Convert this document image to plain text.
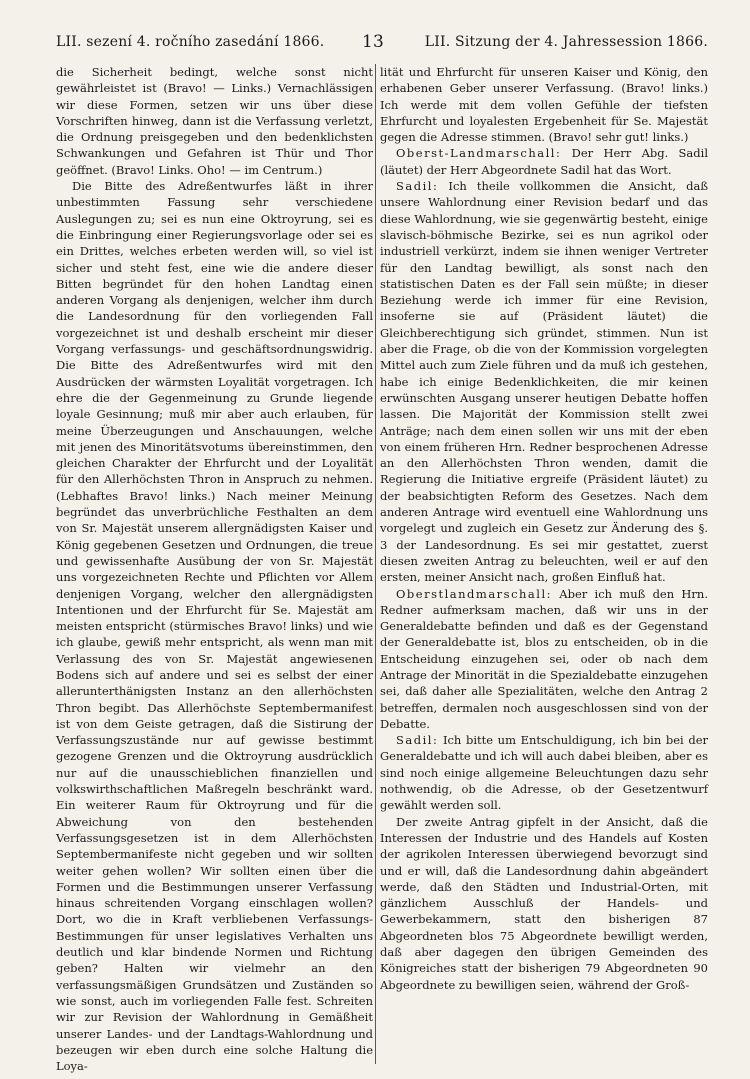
LII. sezení 4. ročního zasedání 1866. 13	LII. Sitzung der 4. Jahressession 1866.

die Sicherheit bedingt, welche sonst nicht gewährleistet ist (Bravo! — Links.) Vernachlässigen wir diese Formen, setzen wir uns über diese Vorschriften hinweg, dann ist die Verfassung verletzt, die Ordnung preisgegeben und den bedenklichsten Schwankungen und Gefahren ist Thür und Thor geöffnet. (Bravo! Links. Oho! — im Centrum.)

Die Bitte des Adreßentwurfes läßt in ihrer unbestimmten Fassung sehr verschiedene Auslegungen zu; sei es nun eine Oktroyrung, sei es die Einbringung einer Regierungsvorlage oder sei es ein Drittes, welches erbeten werden will, so viel ist sicher und steht fest, eine wie die andere dieser Bitten begründet für den hohen Landtag einen anderen Vorgang als denjenigen, welcher ihm durch die Landesordnung für den vorliegenden Fall vorgezeichnet ist und deshalb erscheint mir dieser Vorgang verfassungs- und geschäftsordnungswidrig. Die Bitte des Adreßentwurfes wird mit den Ausdrücken der wärmsten Loyalität vorgetragen. Ich ehre die der Gegenmeinung zu Grunde liegende loyale Gesinnung; muß mir aber auch erlauben, für meine Überzeugungen und Anschauungen, welche mit jenen des Minoritätsvotums übereinstimmen, den gleichen Charakter der Ehrfurcht und der Loyalität für den Allerhöchsten Thron in Anspruch zu nehmen. (Lebhaftes Bravo! links.) Nach meiner Meinung begründet das unverbrüchliche Festhalten an dem von Sr. Majestät unserem allergnädigsten Kaiser und König gegebenen Gesetzen und Ordnungen, die treue und gewissenhafte Ausübung der von Sr. Majestät uns vorgezeichneten Rechte und Pflichten vor Allem denjenigen Vorgang, welcher den allergnädigsten Intentionen und der Ehrfurcht für Se. Majestät am meisten entspricht (stürmisches Bravo! links) und wie ich glaube, gewiß mehr entspricht, als wenn man mit Verlassung des von Sr. Majestät angewiesenen Bodens sich auf andere und sei es selbst der einer allerunterthänigsten Instanz an den allerhöchsten Thron begibt. Das Allerhöchste Septembermanifest ist von dem Geiste getragen, daß die Sistirung der Verfassungszustände nur auf gewisse bestimmt gezogene Grenzen und die Oktroyrung ausdrücklich nur auf die unausschieblichen finanziellen und volkswirthschaftlichen Maßregeln beschränkt ward. Ein weiterer Raum für Oktroyrung und für die Abweichung von den bestehenden Verfassungsgesetzen ist in dem Allerhöchsten Septembermanifeste nicht gegeben und wir sollten weiter gehen wollen? Wir sollten einen über die Formen und die Bestimmungen unserer Verfassung hinaus schreitenden Vorgang einschlagen wollen? Dort, wo die in Kraft verbliebenen Verfassungs-Bestimmungen für unser legislatives Verhalten uns deutlich und klar bindende Normen und Richtung geben? Halten wir vielmehr an den verfassungsmäßigen Grundsätzen und Zuständen so wie sonst, auch im vorliegenden Falle fest. Schreiten wir zur Revision der Wahlordnung in Gemäßheit unserer Landes- und der Landtags-Wahlordnung und bezeugen wir eben durch eine solche Haltung die Loya-

lität und Ehrfurcht für unseren Kaiser und König, den erhabenen Geber unserer Verfassung. (Bravo! links.) Ich werde mit dem vollen Gefühle der tiefsten Ehrfurcht und loyalesten Ergebenheit für Se. Majestät gegen die Adresse stimmen. (Bravo! sehr gut! links.)

Oberst-Landmarschall: Der Herr Abg. Sadil (läutet) der Herr Abgeordnete Sadil hat das Wort.

Sadil: Ich theile vollkommen die Ansicht, daß unsere Wahlordnung einer Revision bedarf und das diese Wahlordnung, wie sie gegenwärtig besteht, einige slavisch-böhmische Bezirke, sei es nun agrikol oder industriell verkürzt, indem sie ihnen weniger Vertreter für den Landtag bewilligt, als sonst nach den statistischen Daten es der Fall sein müßte; in dieser Beziehung werde ich immer für eine Revision, insoferne sie auf (Präsident läutet) die Gleichberechtigung sich gründet, stimmen. Nun ist aber die Frage, ob die von der Kommission vorgelegten Mittel auch zum Ziele führen und da muß ich gestehen, habe ich einige Bedenklichkeiten, die mir keinen erwünschten Ausgang unserer heutigen Debatte hoffen lassen. Die Majorität der Kommission stellt zwei Anträge; nach dem einen sollen wir uns mit der eben von einem früheren Hrn. Redner besprochenen Adresse an den Allerhöchsten Thron wenden, damit die Regierung die Initiative ergreife (Präsident läutet) zu der beabsichtigten Reform des Gesetzes. Nach dem anderen Antrage wird eventuell eine Wahlordnung uns vorgelegt und zugleich ein Gesetz zur Änderung des §. 3 der Landesordnung. Es sei mir gestattet, zuerst diesen zweiten Antrag zu beleuchten, weil er auf den ersten, meiner Ansicht nach, großen Einfluß hat.

Oberstlandmarschall: Aber ich muß den Hrn. Redner aufmerksam machen, daß wir uns in der Generaldebatte befinden und daß es der Gegenstand der Generaldebatte ist, blos zu entscheiden, ob in die Entscheidung einzugehen sei, oder ob nach dem Antrage der Minorität in die Spezialdebatte einzugehen sei, daß daher alle Spezialitäten, welche den Antrag 2 betreffen, dermalen noch ausgeschlossen sind von der Debatte.

Sadil: Ich bitte um Entschuldigung, ich bin bei der Generaldebatte und ich will auch dabei bleiben, aber es sind noch einige allgemeine Beleuchtungen dazu sehr nothwendig, ob die Adresse, ob der Gesetzentwurf gewählt werden soll.

Der zweite Antrag gipfelt in der Ansicht, daß die Interessen der Industrie und des Handels auf Kosten der agrikolen Interessen überwiegend bevorzugt sind und er will, daß die Landesordnung dahin abgeändert werde, daß den Städten und Industrial-Orten, mit gänzlichem Ausschluß der Handels- und Gewerbekammern, statt den bisherigen 87 Abgeordneten blos 75 Abgeordnete bewilligt werden, daß aber dagegen den übrigen Gemeinden des Königreiches statt der bisherigen 79 Abgeordneten 90 Abgeordnete zu bewilligen seien, während der Groß-
